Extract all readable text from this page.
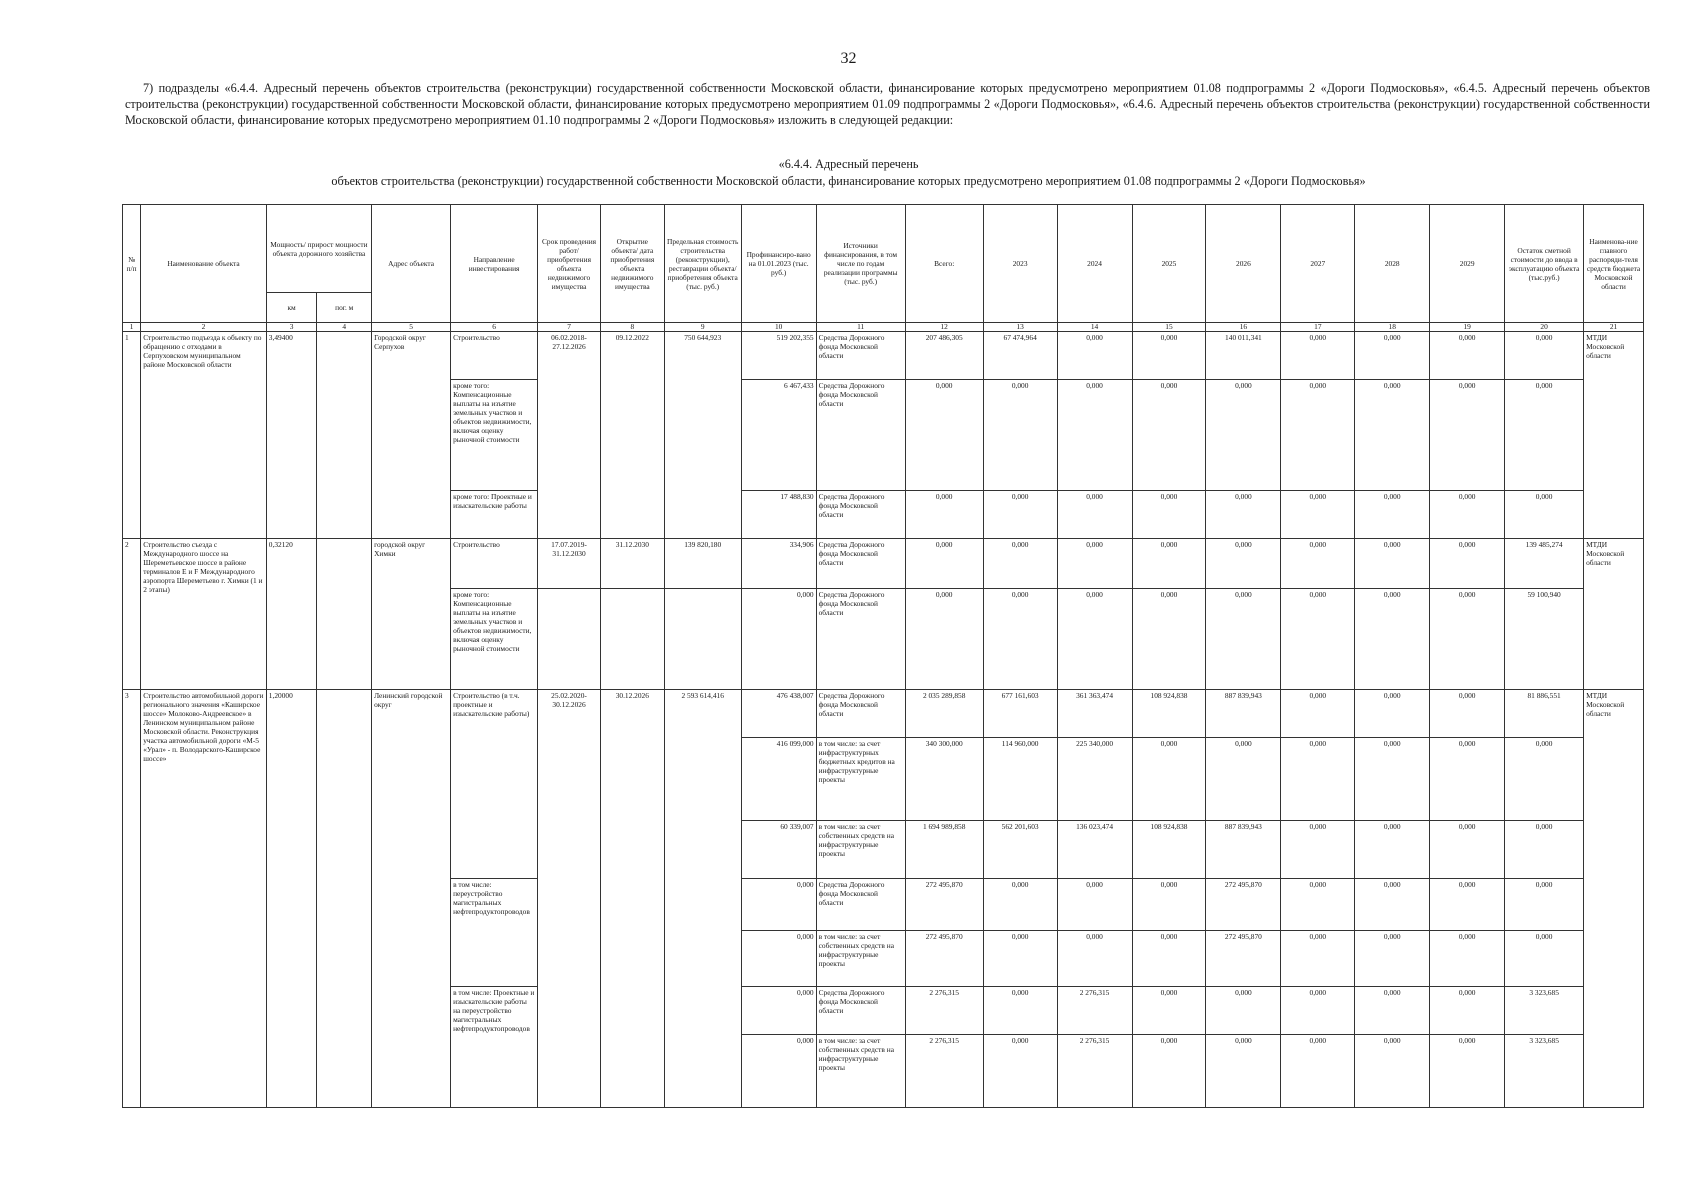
32
7) подразделы «6.4.4. Адресный перечень объектов строительства (реконструкции) государственной собственности Московской области, финансирование которых предусмотрено мероприятием 01.08 подпрограммы 2 «Дороги Подмосковья», «6.4.5. Адресный перечень объектов строительства (реконструкции) государственной собственности Московской области, финансирование которых предусмотрено мероприятием 01.09 подпрограммы 2 «Дороги Подмосковья», «6.4.6. Адресный перечень объектов строительства (реконструкции) государственной собственности Московской области, финансирование которых предусмотрено мероприятием 01.10 подпрограммы 2 «Дороги Подмосковья» изложить в следующей редакции:
«6.4.4. Адресный перечень
объектов строительства (реконструкции) государственной собственности Московской области, финансирование которых предусмотрено мероприятием 01.08 подпрограммы 2 «Дороги Подмосковья»
№ п/п	Наименование объекта	Мощность/ прирост мощности объекта дорожного хозяйства		Адрес объекта	Направление инвестирования	Срок проведения работ/ приобретения объекта недвижимого имущества	Открытие объекта/ дата приобретения объекта недвижимого имущества	Предельная стоимость строительства (реконструкции), реставрации объекта/ приобретения объекта (тыс. руб.)	Профинансиро-вано на 01.01.2023 (тыс. руб.)	Источники финансирования, в том числе по годам реализации программы (тыс. руб.)	Всего:	2023	2024	2025	2026	2027	2028	2029	Остаток сметной стоимости до ввода в эксплуатацию объекта (тыс.руб.)	Наименова-ние главного распоряди-теля средств бюджета Московской области
		км	пог. м																	
1	2	3	4	5	6	7	8	9	10	11	12	13	14	15	16	17	18	19	20	21
1	Строительство подъезда к объекту по обращению с отходами в Серпуховском муниципальном районе Московской области	3,49400		Городской округ Серпухов	Строительство	06.02.2018-27.12.2026	09.12.2022	750 644,923	519 202,355	Средства Дорожного фонда Московской области	207 486,305	67 474,964	0,000	0,000	140 011,341	0,000	0,000	0,000	0,000	МТДИ Московской области
					кроме того: Компенсационные выплаты на изъятие земельных участков и объектов недвижимости, включая оценку рыночной стоимости				6 467,433	Средства Дорожного фонда Московской области	0,000	0,000	0,000	0,000	0,000	0,000	0,000	0,000	0,000	
					кроме того: Проектные и изыскательские работы				17 488,830	Средства Дорожного фонда Московской области	0,000	0,000	0,000	0,000	0,000	0,000	0,000	0,000	0,000	
2	Строительство съезда с Международного шоссе на Шереметьевское шоссе в районе терминалов E и F Международного аэропорта Шереметьево г. Химки (1 и 2 этапы)	0,32120		городской округ Химки	Строительство	17.07.2019-31.12.2030	31.12.2030	139 820,180	334,906	Средства Дорожного фонда Московской области	0,000	0,000	0,000	0,000	0,000	0,000	0,000	0,000	139 485,274	МТДИ Московской области
					кроме того: Компенсационные выплаты на изъятие земельных участков и объектов недвижимости, включая оценку рыночной стоимости				0,000	Средства Дорожного фонда Московской области	0,000	0,000	0,000	0,000	0,000	0,000	0,000	0,000	59 100,940	
3	Строительство автомобильной дороги регионального значения «Каширское шоссе» Молоково-Андреевское» в Ленинском муниципальном районе Московской области. Реконструкция участка автомобильной дороги «М-5 «Урал» - п. Володарского-Каширское шоссе»	1,20000		Ленинский городской округ	Строительство (в т.ч. проектные и изыскательские работы)	25.02.2020-30.12.2026	30.12.2026	2 593 614,416	476 438,007	Средства Дорожного фонда Московской области	2 035 289,858	677 161,603	361 363,474	108 924,838	887 839,943	0,000	0,000	0,000	81 886,551	МТДИ Московской области
									416 099,000	в том числе: за счет инфраструктурных бюджетных кредитов на инфраструктурные проекты	340 300,000	114 960,000	225 340,000	0,000	0,000	0,000	0,000	0,000	0,000	
									60 339,007	в том числе: за счет собственных средств на инфраструктурные проекты	1 694 989,858	562 201,603	136 023,474	108 924,838	887 839,943	0,000	0,000	0,000	0,000	
					в том числе: переустройство магистральных нефтепродуктопроводов				0,000	Средства Дорожного фонда Московской области	272 495,870	0,000	0,000	0,000	272 495,870	0,000	0,000	0,000	0,000	
									0,000	в том числе: за счет собственных средств на инфраструктурные проекты	272 495,870	0,000	0,000	0,000	272 495,870	0,000	0,000	0,000	0,000	
					в том числе: Проектные и изыскательские работы на переустройство магистральных нефтепродуктопроводов				0,000	Средства Дорожного фонда Московской области	2 276,315	0,000	2 276,315	0,000	0,000	0,000	0,000	0,000	3 323,685	
									0,000	в том числе: за счет собственных средств на инфраструктурные проекты	2 276,315	0,000	2 276,315	0,000	0,000	0,000	0,000	0,000	3 323,685	
